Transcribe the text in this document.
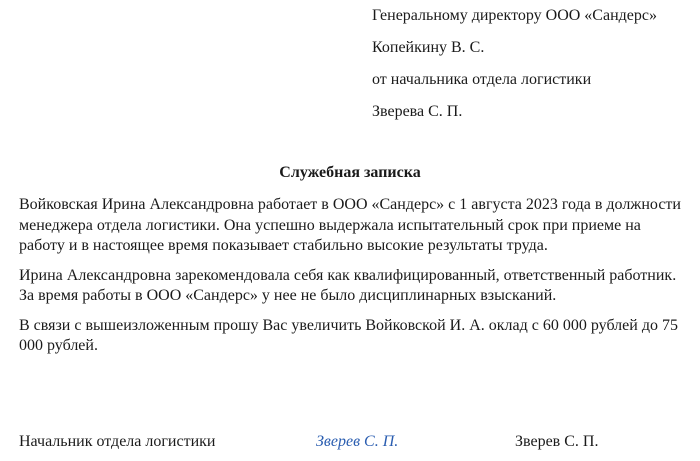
Генеральному директору ООО «Сандерс»
Копейкину В. С.
от начальника отдела логистики
Зверева С. П.
Служебная записка

Войковская Ирина Александровна работает в ООО «Сандерс» с 1 августа 2023 года в должности менеджера отдела логистики. Она успешно выдержала испытательный срок при приеме на работу и в настоящее время показывает стабильно высокие результаты труда.

Ирина Александровна зарекомендовала себя как квалифицированный, ответственный работник. За время работы в ООО «Сандерс» у нее не было дисциплинарных взысканий.

В связи с вышеизложенным прошу Вас увеличить Войковской И. А. оклад с 60 000 рублей до 75 000 рублей.

Начальник отдела логистики	Зверев С. П.	Зверев С. П.
